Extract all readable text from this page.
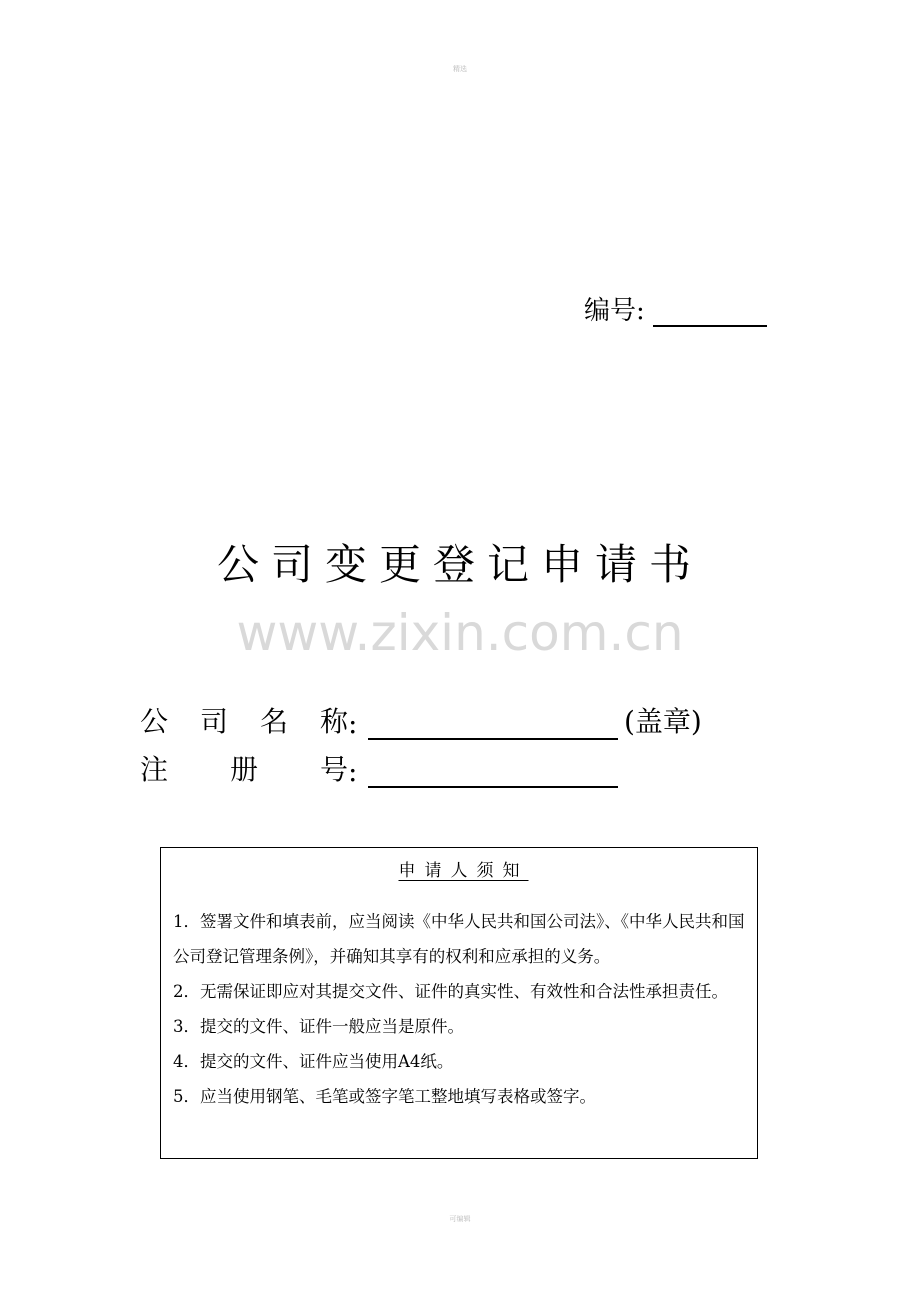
精选
编号:
公司变更登记申请书
www.zixin.com.cn
公 司 名 称 :	(盖章)
注 册 号 :
申请人须知
1．签署文件和填表前，应当阅读《中华人民共和国公司法》、《中华人民共和国公司登记管理条例》，并确知其享有的权利和应承担的义务。
2．无需保证即应对其提交文件、证件的真实性、有效性和合法性承担责任。
3．提交的文件、证件一般应当是原件。
4．提交的文件、证件应当使用A4纸。
5．应当使用钢笔、毛笔或签字笔工整地填写表格或签字。
可编辑
